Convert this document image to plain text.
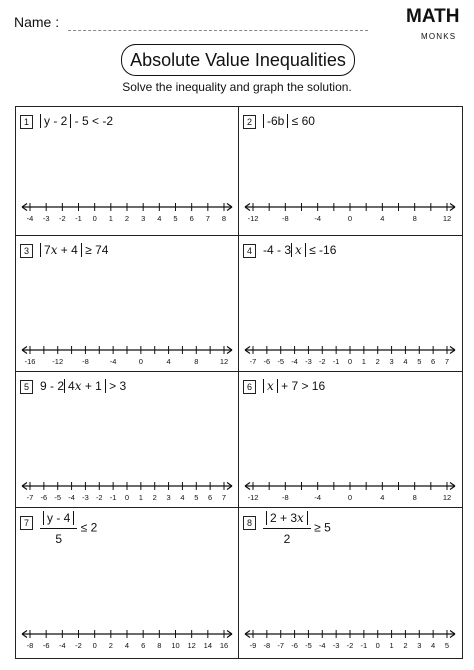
Name :	MATH
MONKS
Absolute Value Inequalities
Solve the inequality and graph the solution.
1	y - 2 - 5 < -2
-4 -3 -2 -1 0 1 2 3 4 5 6 7 8
2	-6b ≤ 60
-12	-8	-4	0	4	8	12
3	7x + 4 ≥ 74
-16 -12	-8	-4	0	4	8	12
4 -4 - 3 x ≤ -16
-7 -6 -5 -4 -3 -2 -1 0 1 2 3 4 5 6 7
5 9 - 2 4x + 1 > 3
-7 -6 -5 -4 -3 -2 -1 0 1 2 3 4 5 6 7
6	x + 7 > 16
-12	-8	-4	0	4	8	12
$7 \frac{y - 4}{5} \le 2$
-8 -6 -4 -2 0 2 4 6 8 10 12 14 16
$8 \frac{2 + 3x}{2} \ge 5$
-9 -8 -7 -6 -5 -4 -3 -2 -1 0 1 2 3 4 5
